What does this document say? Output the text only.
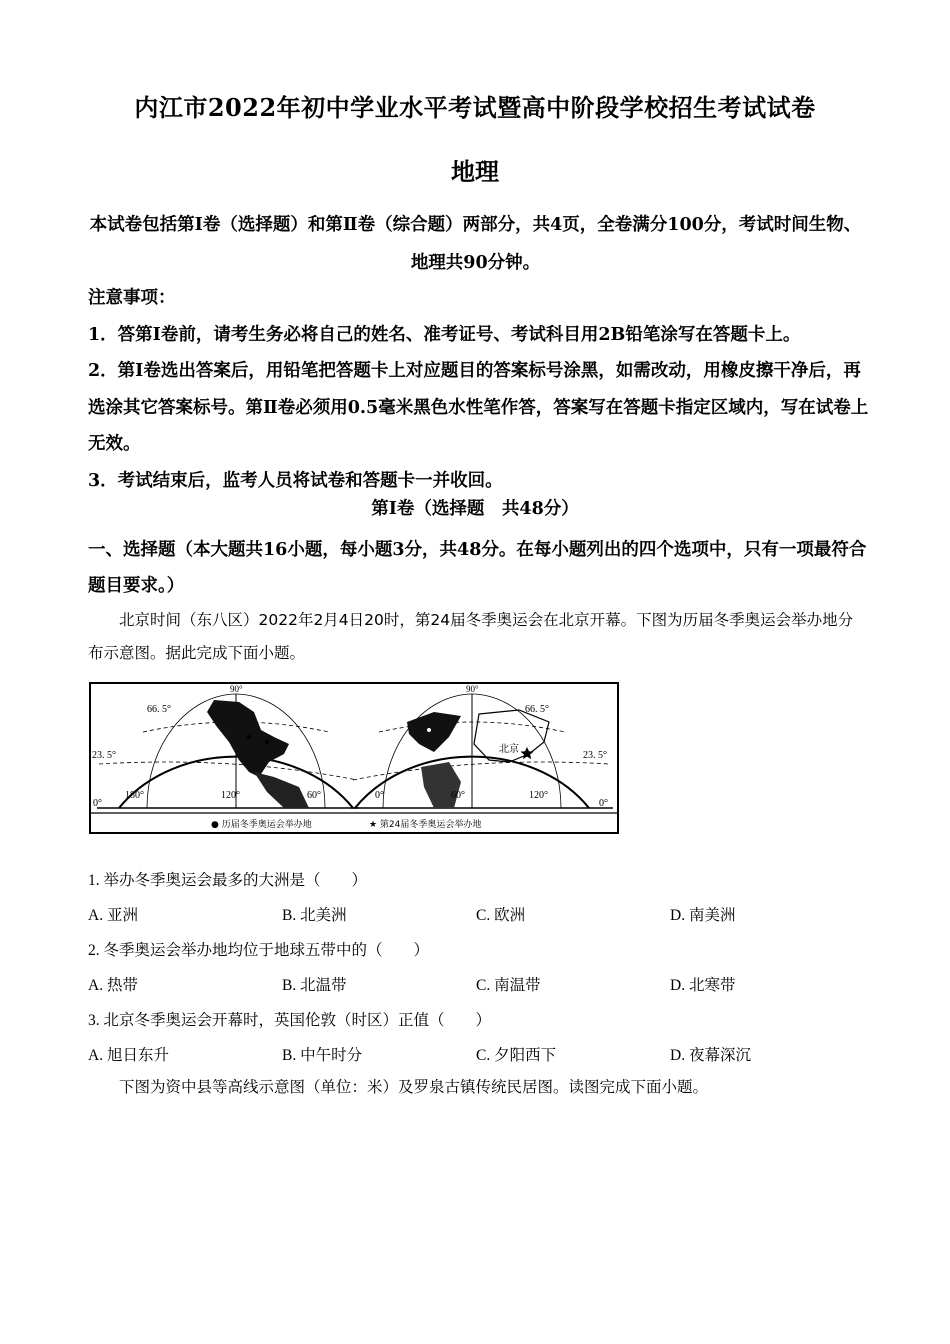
内江市2022年初中学业水平考试暨高中阶段学校招生考试试卷
地理
本试卷包括第Ⅰ卷（选择题）和第Ⅱ卷（综合题）两部分，共4页，全卷满分100分，考试时间生物、地理共90分钟。

注意事项：

1．答第Ⅰ卷前，请考生务必将自己的姓名、准考证号、考试科目用2B铅笔涂写在答题卡上。

2．第Ⅰ卷选出答案后，用铅笔把答题卡上对应题目的答案标号涂黑，如需改动，用橡皮擦干净后，再选涂其它答案标号。第Ⅱ卷必须用0.5毫米黑色水性笔作答，答案写在答题卡指定区域内，写在试卷上无效。

3．考试结束后，监考人员将试卷和答题卡一并收回。

第Ⅰ卷（选择题　共48分）
一、选择题（本大题共16小题，每小题3分，共48分。在每小题列出的四个选项中，只有一项最符合题目要求。）
北京时间（东八区）2022年2月4日20时，第24届冬季奥运会在北京开幕。下图为历届冬季奥运会举办地分布示意图。据此完成下面小题。
66. 5°
90°
23. 5°
0°
180°	120°	60°
90°
66. 5°
23. 5°
0°
0°	60°	120°
北京
● 历届冬季奥运会举办地	★ 第24届冬季奥运会举办地
1. 举办冬季奥运会最多的大洲是（　　）
A. 亚洲	B. 北美洲	C. 欧洲	D. 南美洲
2. 冬季奥运会举办地均位于地球五带中的（　　）
A. 热带	B. 北温带	C. 南温带	D. 北寒带
3. 北京冬季奥运会开幕时，英国伦敦（时区）正值（　　）
A. 旭日东升	B. 中午时分	C. 夕阳西下	D. 夜幕深沉
下图为资中县等高线示意图（单位：米）及罗泉古镇传统民居图。读图完成下面小题。
